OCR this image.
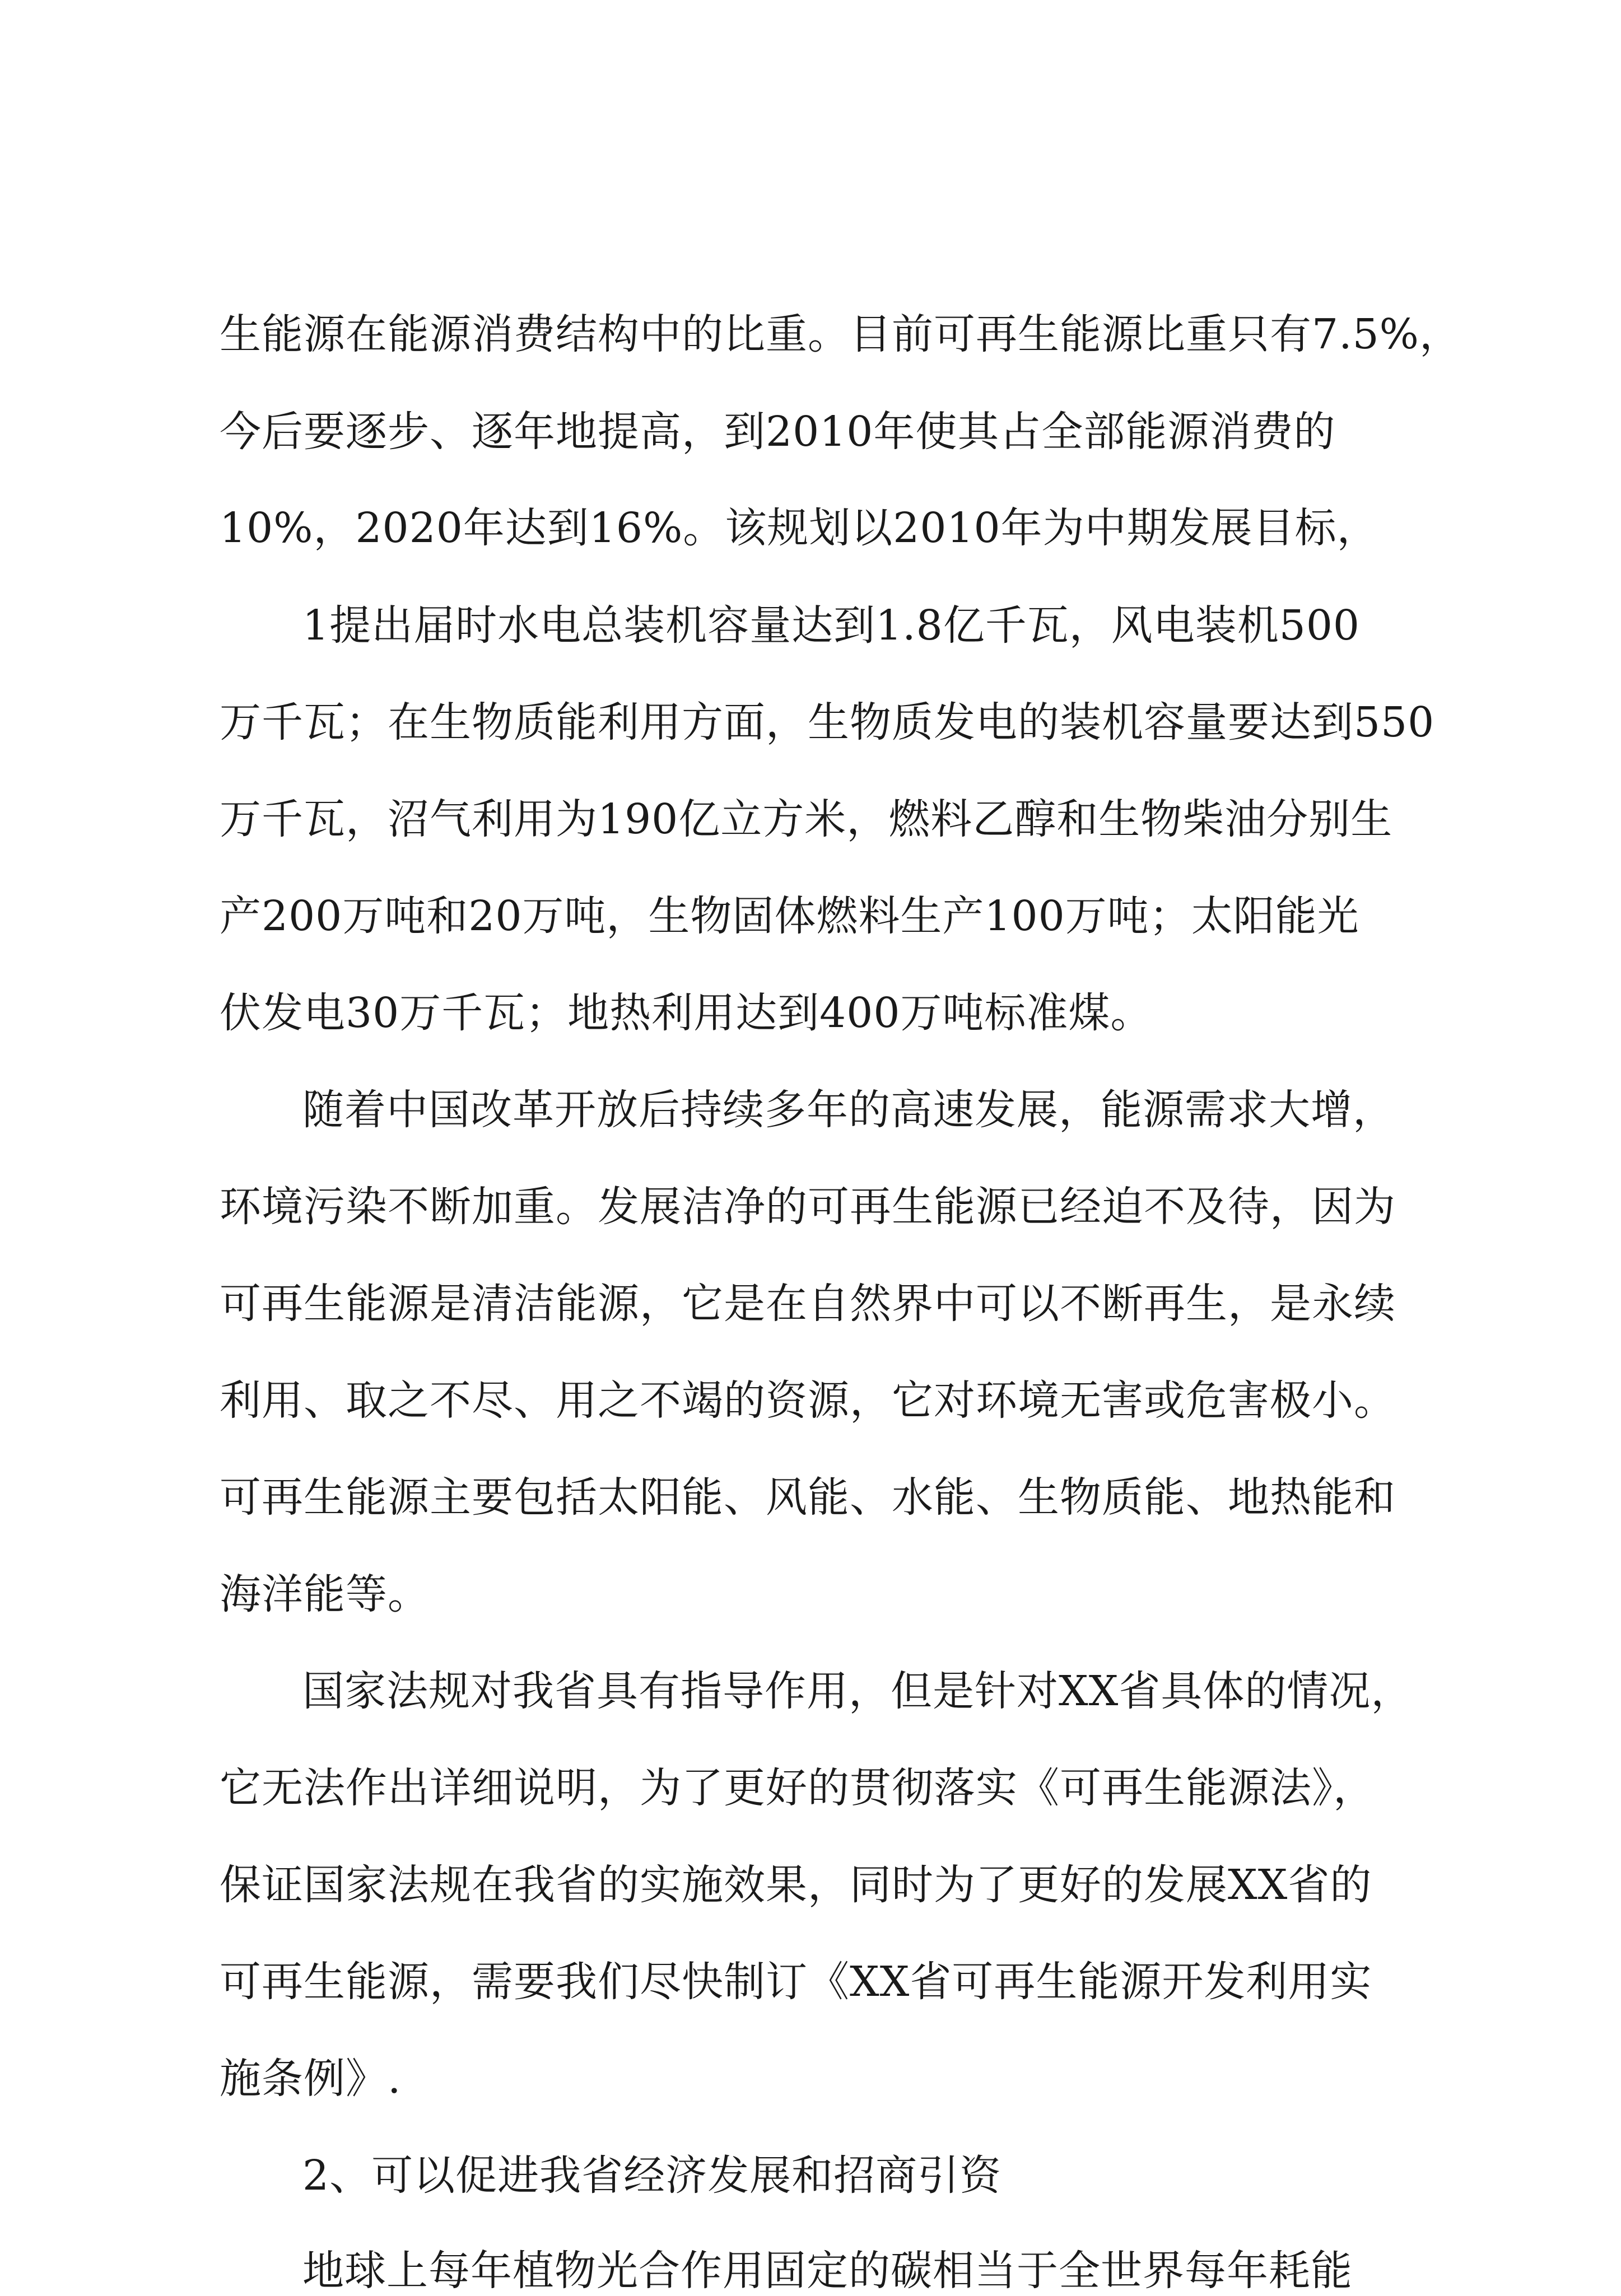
生能源在能源消费结构中的比重。目前可再生能源比重只有7.5%，
今后要逐步、逐年地提高，到2010年使其占全部能源消费的
10%，2020年达到16%。该规划以2010年为中期发展目标，
1提出届时水电总装机容量达到1.8亿千瓦，风电装机500
万千瓦；在生物质能利用方面，生物质发电的装机容量要达到550
万千瓦，沼气利用为190亿立方米，燃料乙醇和生物柴油分别生
产200万吨和20万吨，生物固体燃料生产100万吨；太阳能光
伏发电30万千瓦；地热利用达到400万吨标准煤。
随着中国改革开放后持续多年的高速发展，能源需求大增，
环境污染不断加重。发展洁净的可再生能源已经迫不及待，因为
可再生能源是清洁能源，它是在自然界中可以不断再生，是永续
利用、取之不尽、用之不竭的资源，它对环境无害或危害极小。
可再生能源主要包括太阳能、风能、水能、生物质能、地热能和
海洋能等。
国家法规对我省具有指导作用，但是针对XX省具体的情况，
它无法作出详细说明，为了更好的贯彻落实《可再生能源法》，
保证国家法规在我省的实施效果，同时为了更好的发展XX省的
可再生能源，需要我们尽快制订《XX省可再生能源开发利用实
施条例》.
2、可以促进我省经济发展和招商引资
地球上每年植物光合作用固定的碳相当于全世界每年耗能
